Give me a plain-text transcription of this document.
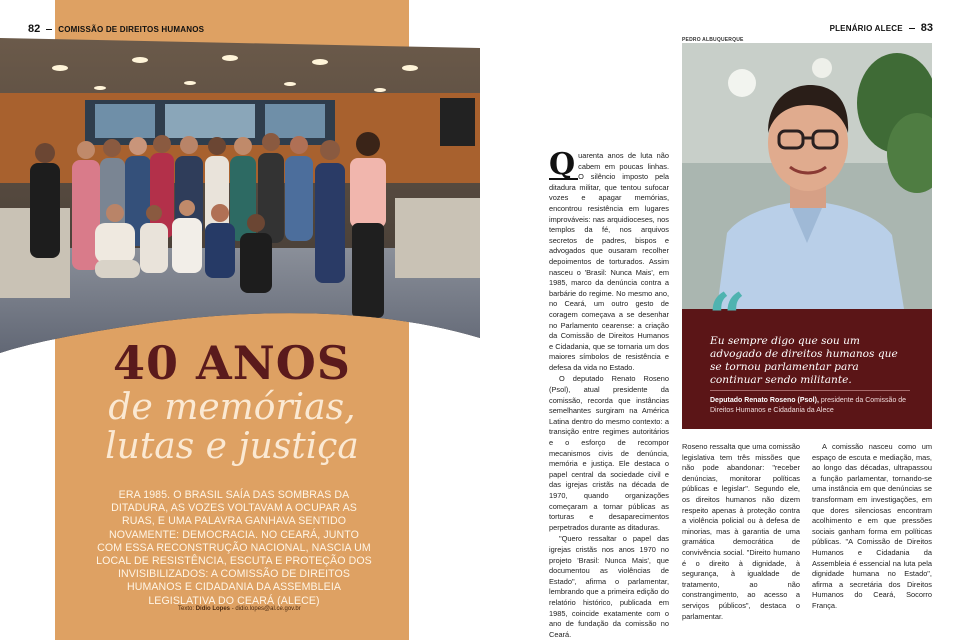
82 COMISSÃO DE DIREITOS HUMANOS
40 ANOS
de memórias,
lutas e justiça
ERA 1985. O BRASIL SAÍA DAS SOMBRAS DA DITADURA, AS VOZES VOLTAVAM A OCUPAR AS RUAS, E UMA PALAVRA GANHAVA SENTIDO NOVAMENTE: DEMOCRACIA. NO CEARÁ, JUNTO COM ESSA RECONSTRUÇÃO NACIONAL, NASCIA UM LOCAL DE RESISTÊNCIA, ESCUTA E PROTEÇÃO DOS INVISIBILIZADOS: A COMISSÃO DE DIREITOS HUMANOS E CIDADANIA DA ASSEMBLEIA LEGISLATIVA DO CEARÁ (ALECE)
Texto: Dídio Lopes - didio.lopes@al.ce.gov.br
PLENÁRIO ALECE 83
PEDRO ALBUQUERQUE
“
Eu sempre digo que sou um advogado de direitos humanos que se tornou parlamentar para continuar sendo militante.
Deputado Renato Roseno (Psol), presidente da Comissão de Direitos Humanos e Cidadania da Alece

Q uarenta anos de luta não cabem em poucas linhas. O silêncio imposto pela ditadura militar, que tentou sufocar vozes e apagar memórias, encontrou resistência em lugares improváveis: nas arquidioceses, nos templos da fé, nos arquivos secretos de padres, bispos e advogados que ousaram recolher depoimentos de torturados. Assim nasceu o 'Brasil: Nunca Mais', em 1985, marco da denúncia contra a barbárie do regime. No mesmo ano, no Ceará, um outro gesto de coragem começava a se desenhar no Parlamento cearense: a criação da Comissão de Direitos Humanos e Cidadania, que se tornaria um dos maiores símbolos de resistência e defesa da vida no Estado.

O deputado Renato Roseno (Psol), atual presidente da comissão, recorda que instâncias semelhantes surgiram na América Latina dentro do mesmo contexto: a transição entre regimes autoritários e o esforço de recompor mecanismos civis de denúncia, memória e justiça. Ele destaca o papel central da sociedade civil e das igrejas cristãs na década de 1970, quando organizações começaram a tornar públicas as torturas e desaparecimentos perpetrados durante as ditaduras.

"Quero ressaltar o papel das igrejas cristãs nos anos 1970 no projeto 'Brasil: Nunca Mais', que documentou as violências de Estado", afirma o parlamentar, lembrando que a primeira edição do relatório histórico, publicada em 1985, coincide exatamente com o ano de fundação da comissão no Ceará.

Roseno ressalta que uma comissão legislativa tem três missões que não pode abandonar: "receber denúncias, monitorar políticas públicas e legislar". Segundo ele, os direitos humanos não dizem respeito apenas à proteção contra a violência policial ou à defesa de minorias, mas à garantia de uma gramática democrática de convivência social. "Direito humano é o direito à dignidade, à segurança, à igualdade de tratamento, ao não constrangimento, ao acesso a serviços públicos", destaca o parlamentar.

A comissão nasceu como um espaço de escuta e mediação, mas, ao longo das décadas, ultrapassou a função parlamentar, tornando-se uma instância em que denúncias se transformam em investigações, em que dores silenciosas encontram acolhimento e em que pressões sociais ganham forma em políticas públicas. "A Comissão de Direitos Humanos e Cidadania da Assembleia é essencial na luta pela dignidade humana no Estado", afirma a secretária dos Direitos Humanos do Ceará, Socorro França.
